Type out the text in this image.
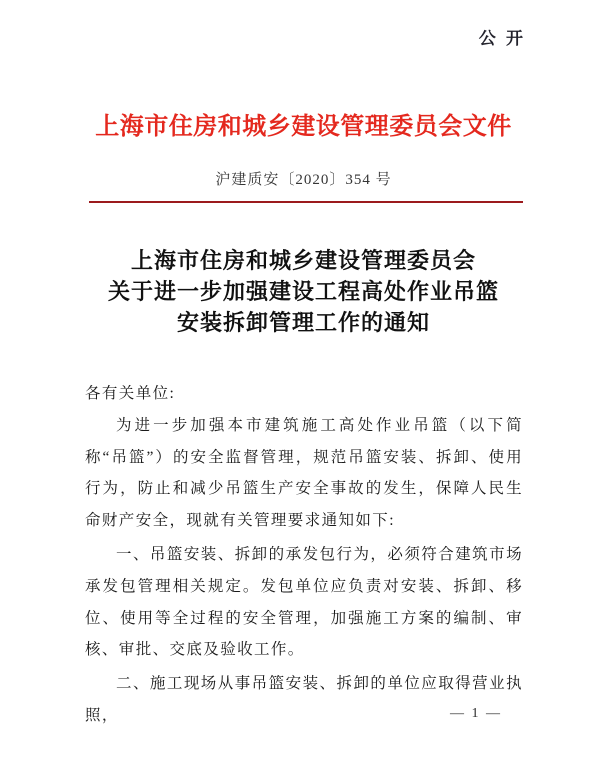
公 开
上海市住房和城乡建设管理委员会文件
沪建质安〔2020〕354 号
上海市住房和城乡建设管理委员会
关于进一步加强建设工程高处作业吊篮
安装拆卸管理工作的通知

各有关单位:

为进一步加强本市建筑施工高处作业吊篮（以下简称“吊篮”）的安全监督管理，规范吊篮安装、拆卸、使用行为，防止和减少吊篮生产安全事故的发生，保障人民生命财产安全，现就有关管理要求通知如下:

一、吊篮安装、拆卸的承发包行为，必须符合建筑市场承发包管理相关规定。发包单位应负责对安装、拆卸、移位、使用等全过程的安全管理，加强施工方案的编制、审核、审批、交底及验收工作。

二、施工现场从事吊篮安装、拆卸的单位应取得营业执照，	— 1 —
